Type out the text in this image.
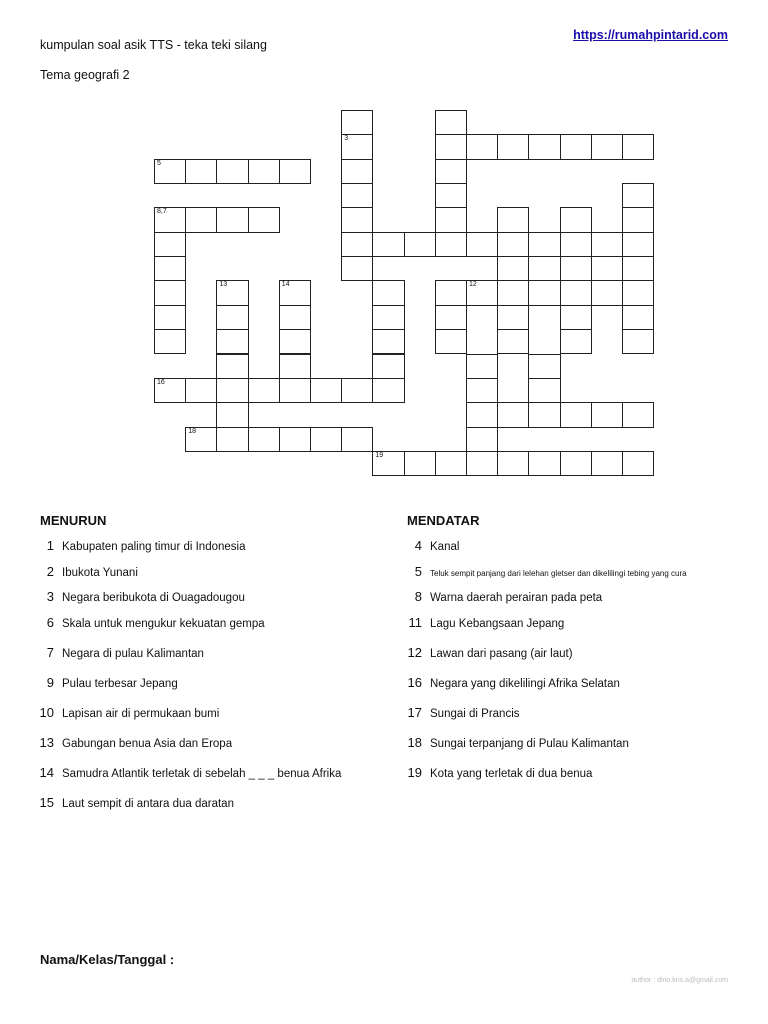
kumpulan soal asik TTS - teka teki silang
Tema geografi 2
https://rumahpintarid.com
3
5
8,7
13	14	12
16
18
19
MENURUN	MENDATAR
1 Kabupaten paling timur di Indonesia
2 Ibukota Yunani
3 Negara beribukota di Ouagadougou
6 Skala untuk mengukur kekuatan gempa
7 Negara di pulau Kalimantan
9 Pulau terbesar Jepang
10 Lapisan air di permukaan bumi
13 Gabungan benua Asia dan Eropa
14 Samudra Atlantik terletak di sebelah _ _ _ benua Afrika
15 Laut sempit di antara dua daratan
4 Kanal
5 Teluk sempit panjang dari lelehan gletser dan dikelilingi tebing yang cura
8 Warna daerah perairan pada peta
11 Lagu Kebangsaan Jepang
12 Lawan dari pasang (air laut)
16 Negara yang dikelilingi Afrika Selatan
17 Sungai di Prancis
18 Sungai terpanjang di Pulau Kalimantan
19 Kota yang terletak di dua benua
Nama/Kelas/Tanggal :
author : dino.kris.a@gmail.com
